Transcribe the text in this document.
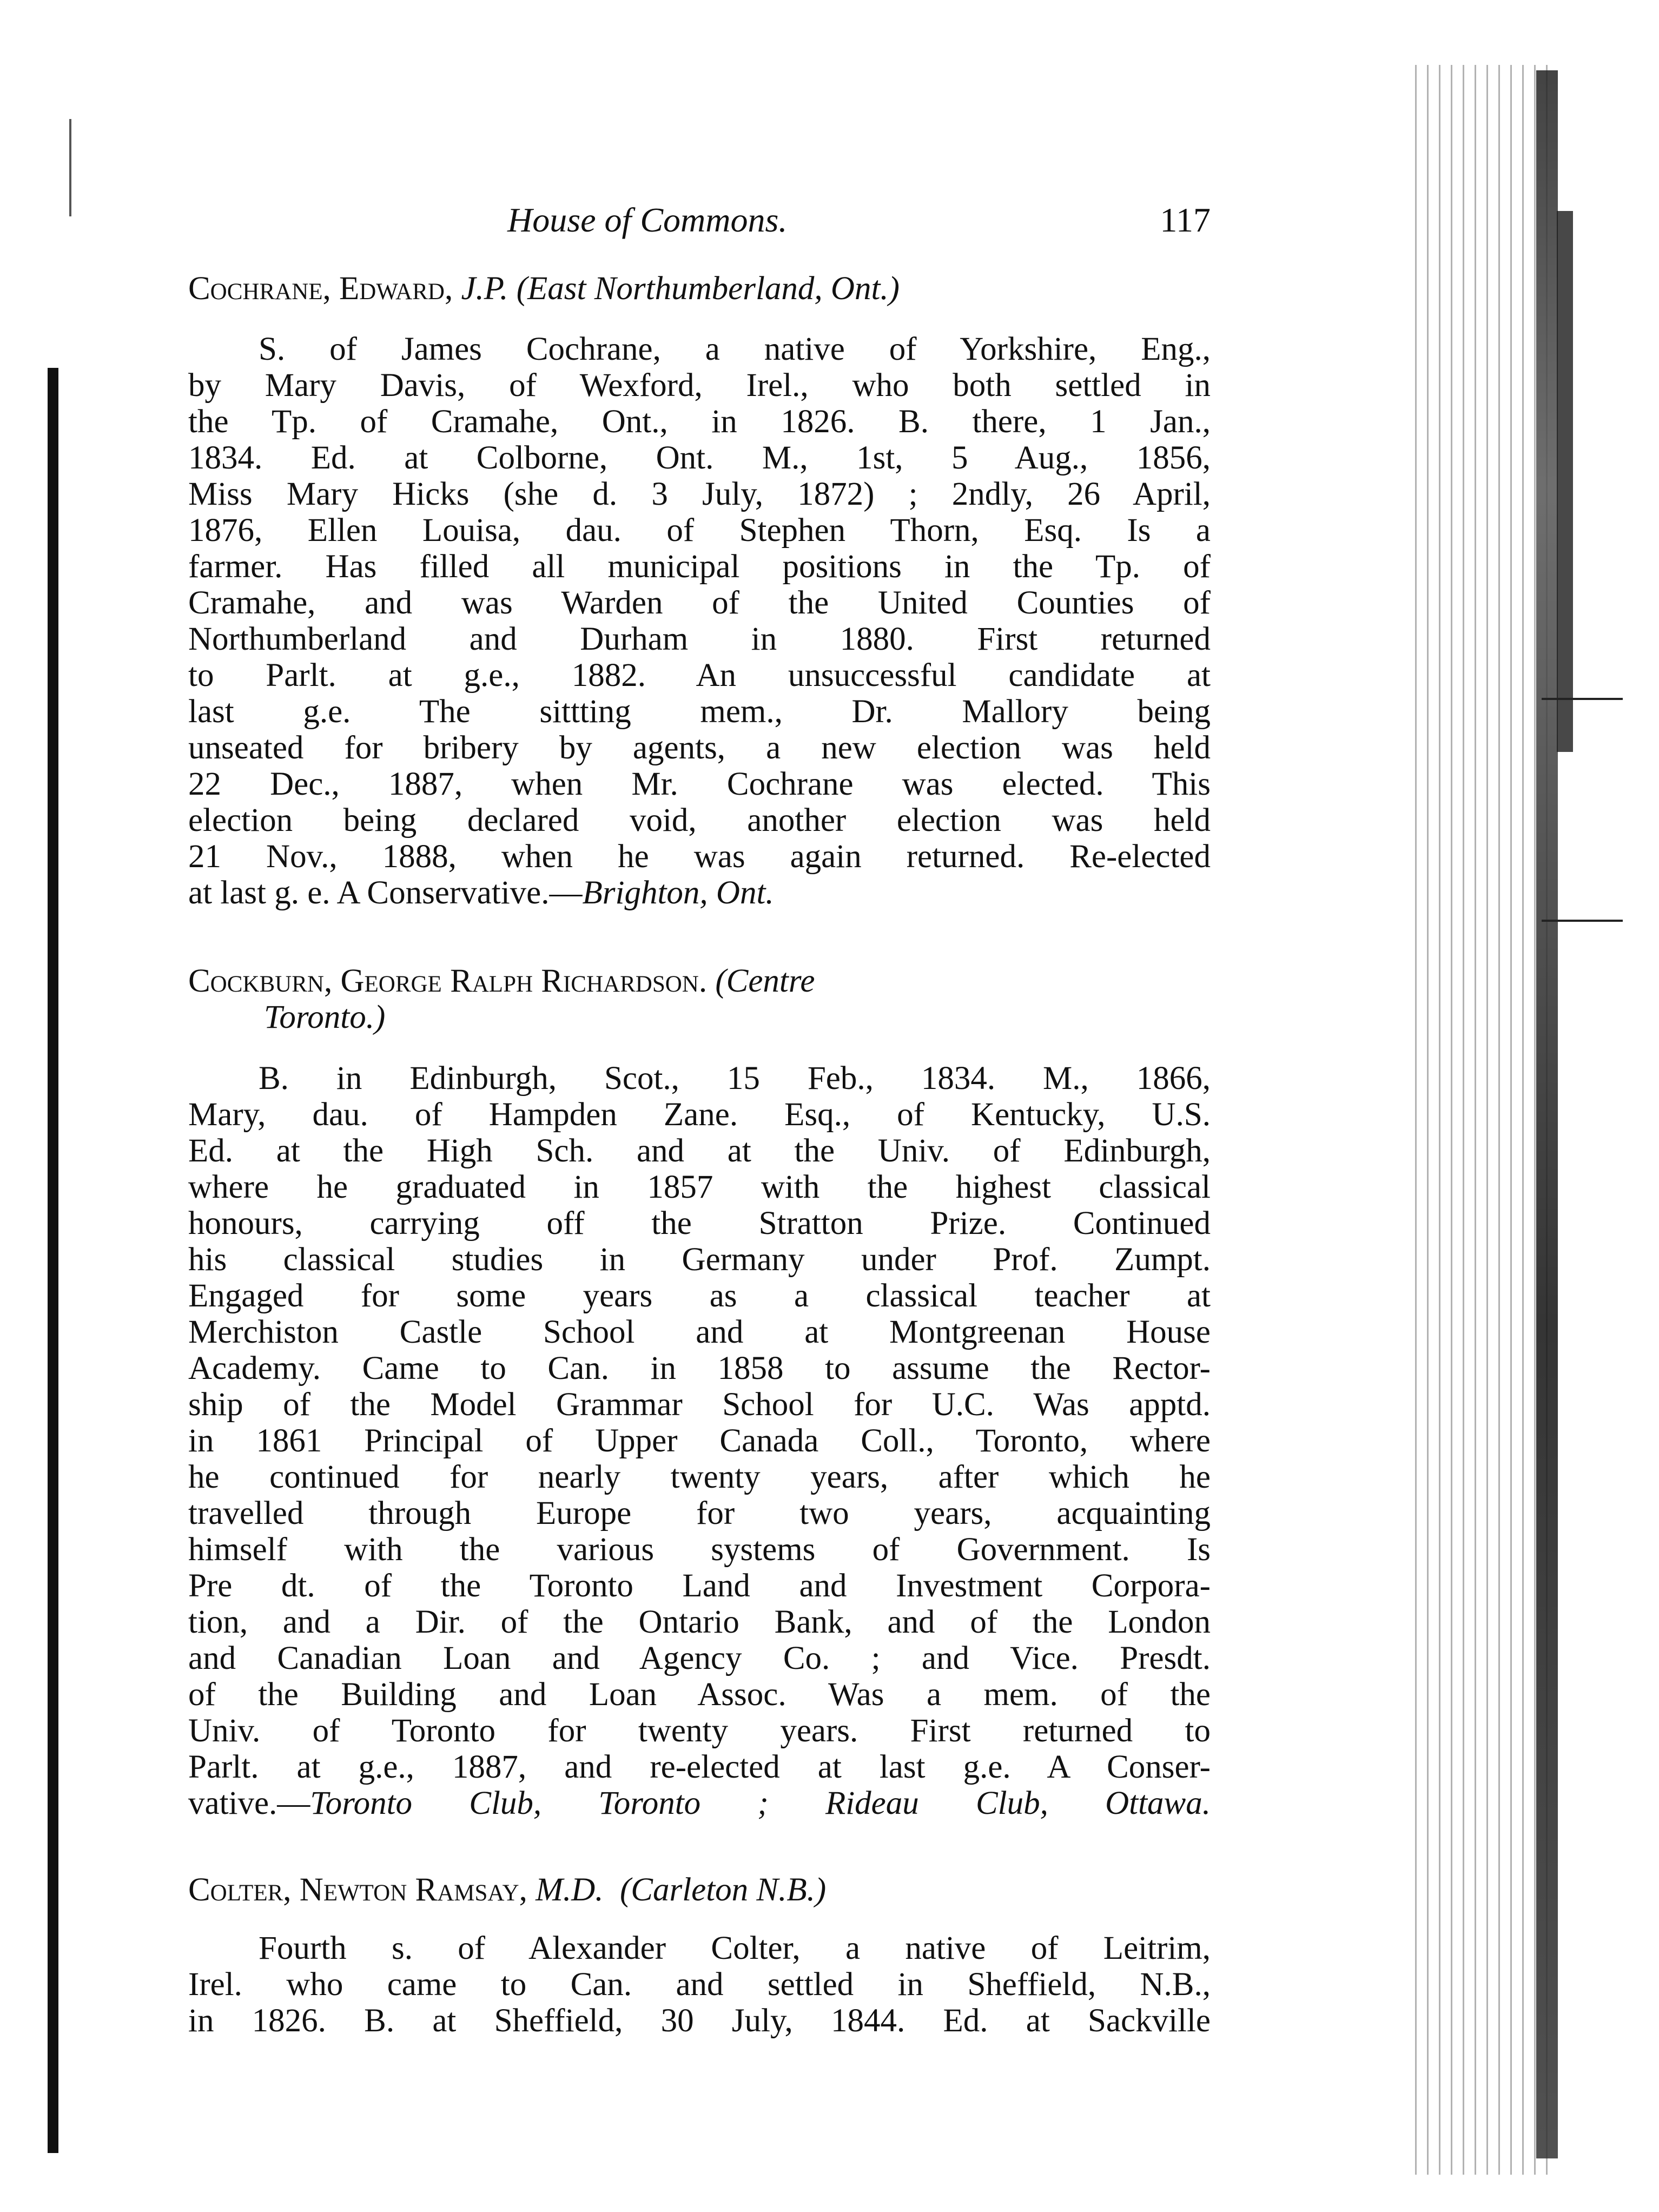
House of Commons.	117
Cochrane, Edward, J.P. (East Northumberland, Ont.)
S. of James Cochrane, a native of Yorkshire, Eng.,
by Mary Davis, of Wexford, Irel., who both settled in
the Tp. of Cramahe, Ont., in 1826. B. there, 1 Jan.,
1834. Ed. at Colborne, Ont. M., 1st, 5 Aug., 1856,
Miss Mary Hicks (she d. 3 July, 1872) ; 2ndly, 26 April,
1876, Ellen Louisa, dau. of Stephen Thorn, Esq. Is a
farmer. Has filled all municipal positions in the Tp. of
Cramahe, and was Warden of the United Counties of
Northumberland and Durham in 1880. First returned
to Parlt. at g.e., 1882. An unsuccessful candidate at
last g.e. The sittting mem., Dr. Mallory being
unseated for bribery by agents, a new election was held
22 Dec., 1887, when Mr. Cochrane was elected. This
election being declared void, another election was held
21 Nov., 1888, when he was again returned. Re-elected
at last g. e. A Conservative.—Brighton, Ont.
Cockburn, George Ralph Richardson. (Centre
Toronto.)
B. in Edinburgh, Scot., 15 Feb., 1834. M., 1866,
Mary, dau. of Hampden Zane. Esq., of Kentucky, U.S.
Ed. at the High Sch. and at the Univ. of Edinburgh,
where he graduated in 1857 with the highest classical
honours, carrying off the Stratton Prize. Continued
his classical studies in Germany under Prof. Zumpt.
Engaged for some years as a classical teacher at
Merchiston Castle School and at Montgreenan House
Academy. Came to Can. in 1858 to assume the Rector-
ship of the Model Grammar School for U.C. Was apptd.
in 1861 Principal of Upper Canada Coll., Toronto, where
he continued for nearly twenty years, after which he
travelled through Europe for two years, acquainting
himself with the various systems of Government. Is
Pre dt. of the Toronto Land and Investment Corpora-
tion, and a Dir. of the Ontario Bank, and of the London
and Canadian Loan and Agency Co. ; and Vice. Presdt.
of the Building and Loan Assoc. Was a mem. of the
Univ. of Toronto for twenty years. First returned to
Parlt. at g.e., 1887, and re-elected at last g.e. A Conser-
vative.—Toronto Club, Toronto ; Rideau Club, Ottawa.
Colter, Newton Ramsay, M.D. (Carleton N.B.)
Fourth s. of Alexander Colter, a native of Leitrim,
Irel. who came to Can. and settled in Sheffield, N.B.,
in 1826. B. at Sheffield, 30 July, 1844. Ed. at Sackville
